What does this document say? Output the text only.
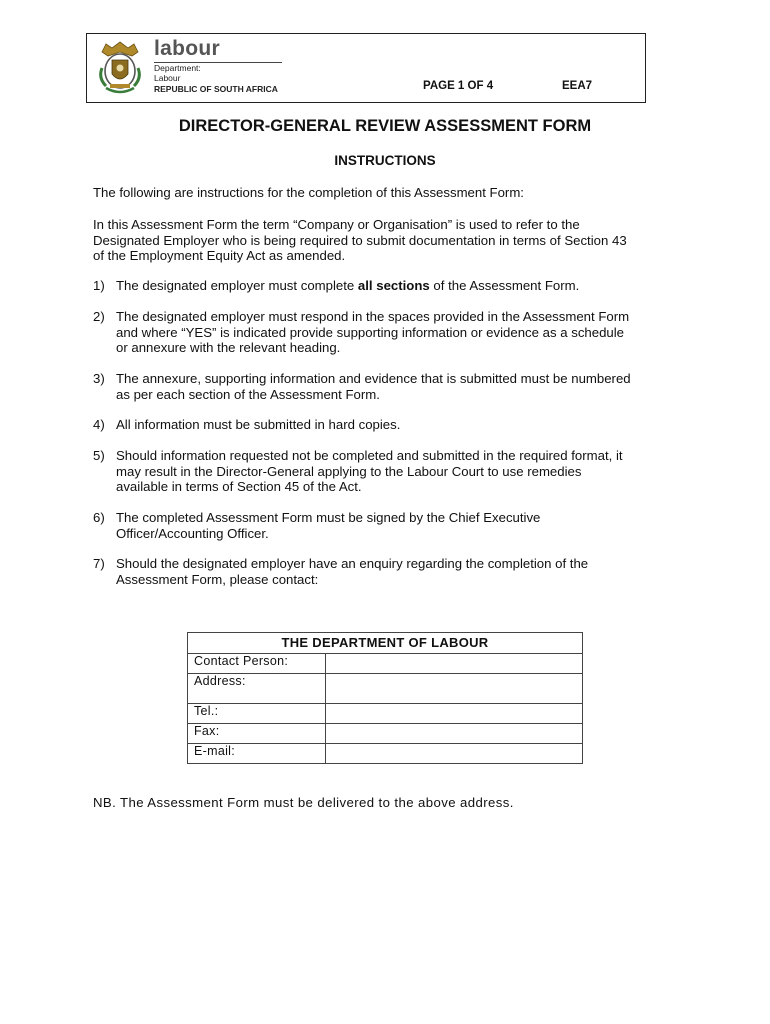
labour
Department:
Labour
REPUBLIC OF SOUTH AFRICA	PAGE 1 OF 4	EEA7
DIRECTOR-GENERAL REVIEW ASSESSMENT FORM
INSTRUCTIONS
The following are instructions for the completion of this Assessment Form:
In this Assessment Form the term “Company or Organisation” is used to refer to the
Designated Employer who is being required to submit documentation in terms of Section 43
of the Employment Equity Act as amended.
1) The designated employer must complete all sections of the Assessment Form.
2) The designated employer must respond in the spaces provided in the Assessment Form
and where “YES” is indicated provide supporting information or evidence as a schedule
or annexure with the relevant heading.
3) The annexure, supporting information and evidence that is submitted must be numbered
as per each section of the Assessment Form.
4) All information must be submitted in hard copies.
5) Should information requested not be completed and submitted in the required format, it
may result in the Director-General applying to the Labour Court to use remedies
available in terms of Section 45 of the Act.
6) The completed Assessment Form must be signed by the Chief Executive
Officer/Accounting Officer.
7) Should the designated employer have an enquiry regarding the completion of the
Assessment Form, please contact:
THE DEPARTMENT OF LABOUR	
Contact Person:	
Address:	
Tel.:	
Fax:	
E-mail:	
NB. The Assessment Form must be delivered to the above address.
